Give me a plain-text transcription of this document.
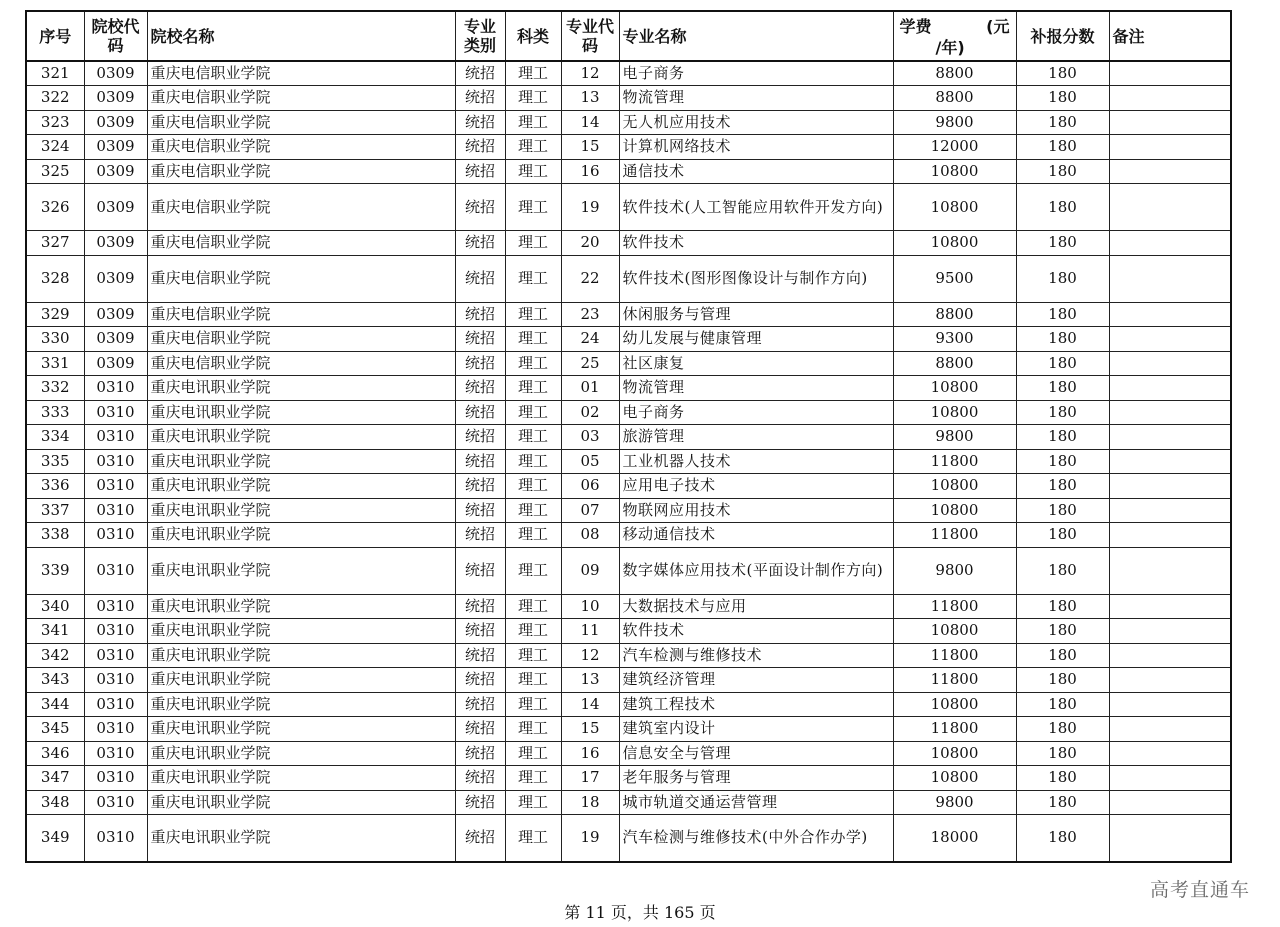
序号	院校代码	院校名称	专业类别	科类	专业代码	专业名称	学费 (元
/年)	补报分数	备注
321	0309	重庆电信职业学院	统招	理工	12	电子商务	8800	180	
322	0309	重庆电信职业学院	统招	理工	13	物流管理	8800	180	
323	0309	重庆电信职业学院	统招	理工	14	无人机应用技术	9800	180	
324	0309	重庆电信职业学院	统招	理工	15	计算机网络技术	12000	180	
325	0309	重庆电信职业学院	统招	理工	16	通信技术	10800	180	
326	0309	重庆电信职业学院	统招	理工	19	软件技术(人工智能应用软件开发方向)	10800	180	
327	0309	重庆电信职业学院	统招	理工	20	软件技术	10800	180	
328	0309	重庆电信职业学院	统招	理工	22	软件技术(图形图像设计与制作方向)	9500	180	
329	0309	重庆电信职业学院	统招	理工	23	休闲服务与管理	8800	180	
330	0309	重庆电信职业学院	统招	理工	24	幼儿发展与健康管理	9300	180	
331	0309	重庆电信职业学院	统招	理工	25	社区康复	8800	180	
332	0310	重庆电讯职业学院	统招	理工	01	物流管理	10800	180	
333	0310	重庆电讯职业学院	统招	理工	02	电子商务	10800	180	
334	0310	重庆电讯职业学院	统招	理工	03	旅游管理	9800	180	
335	0310	重庆电讯职业学院	统招	理工	05	工业机器人技术	11800	180	
336	0310	重庆电讯职业学院	统招	理工	06	应用电子技术	10800	180	
337	0310	重庆电讯职业学院	统招	理工	07	物联网应用技术	10800	180	
338	0310	重庆电讯职业学院	统招	理工	08	移动通信技术	11800	180	
339	0310	重庆电讯职业学院	统招	理工	09	数字媒体应用技术(平面设计制作方向)	9800	180	
340	0310	重庆电讯职业学院	统招	理工	10	大数据技术与应用	11800	180	
341	0310	重庆电讯职业学院	统招	理工	11	软件技术	10800	180	
342	0310	重庆电讯职业学院	统招	理工	12	汽车检测与维修技术	11800	180	
343	0310	重庆电讯职业学院	统招	理工	13	建筑经济管理	11800	180	
344	0310	重庆电讯职业学院	统招	理工	14	建筑工程技术	10800	180	
345	0310	重庆电讯职业学院	统招	理工	15	建筑室内设计	11800	180	
346	0310	重庆电讯职业学院	统招	理工	16	信息安全与管理	10800	180	
347	0310	重庆电讯职业学院	统招	理工	17	老年服务与管理	10800	180	
348	0310	重庆电讯职业学院	统招	理工	18	城市轨道交通运营管理	9800	180	
349	0310	重庆电讯职业学院	统招	理工	19	汽车检测与维修技术(中外合作办学)	18000	180	
第 11 页，共 165 页
高考直通车
